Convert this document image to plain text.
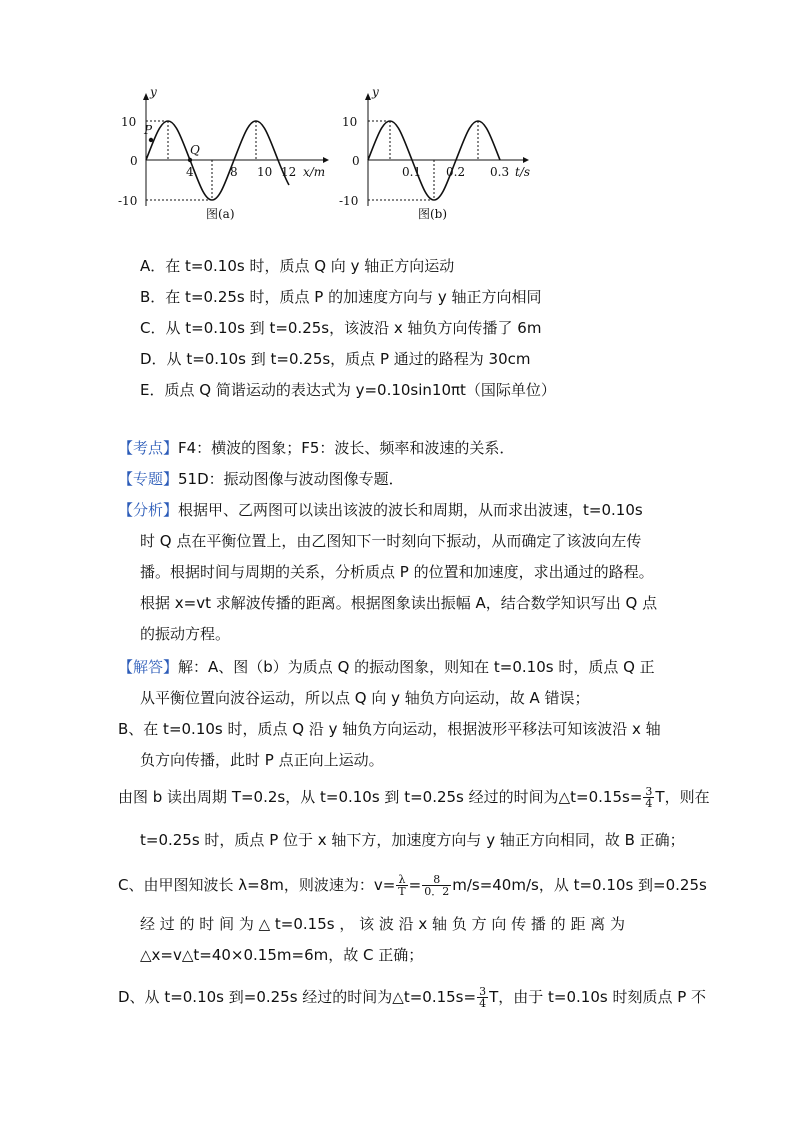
y
10
0
-10
P
Q
4	8 10 12 x/m
图(a)
y
10
0
-10
0.1 0.2 0.3 t/s
图(b)
A．在 t=0.10s 时，质点 Q 向 y 轴正方向运动
B．在 t=0.25s 时，质点 P 的加速度方向与 y 轴正方向相同
C．从 t=0.10s 到 t=0.25s，该波沿 x 轴负方向传播了 6m
D．从 t=0.10s 到 t=0.25s，质点 P 通过的路程为 30cm
E．质点 Q 简谐运动的表达式为 y=0.10sin10πt（国际单位）
【考点】F4：横波的图象；F5：波长、频率和波速的关系．
【专题】51D：振动图像与波动图像专题．
【分析】根据甲、乙两图可以读出该波的波长和周期，从而求出波速，t=0.10s
时 Q 点在平衡位置上，由乙图知下一时刻向下振动，从而确定了该波向左传
播。根据时间与周期的关系，分析质点 P 的位置和加速度，求出通过的路程。
根据 x=vt 求解波传播的距离。根据图象读出振幅 A，结合数学知识写出 Q 点
的振动方程。
【解答】解：A、图（b）为质点 Q 的振动图象，则知在 t=0.10s 时，质点 Q 正
从平衡位置向波谷运动，所以点 Q 向 y 轴负方向运动，故 A 错误；
B、在 t=0.10s 时，质点 Q 沿 y 轴负方向运动，根据波形平移法可知该波沿 x 轴
负方向传播，此时 P 点正向上运动。
由图 b 读出周期 T=0.2s，从 t=0.10s 到 t=0.25s 经过的时间为△t=0.15s= $\frac{3}{4}$ T，则在
t=0.25s 时，质点 P 位于 x 轴下方，加速度方向与 y 轴正方向相同，故 B 正确；
C、由甲图知波长 λ=8m，则波速为：$v= \frac{\lambda}{T} = \frac{8}{0.2} m/s=40m/s$，从 t=0.10s 到=0.25s
经 过 的 时 间 为 △ t=0.15s ， 该 波 沿 x 轴 负 方 向 传 播 的 距 离 为
△x=v△t=40×0.15m=6m，故 C 正确；
D、从 t=0.10s 到=0.25s 经过的时间为△t=0.15s= $\frac{3}{4}$ T，由于 t=0.10s 时刻质点 P 不
